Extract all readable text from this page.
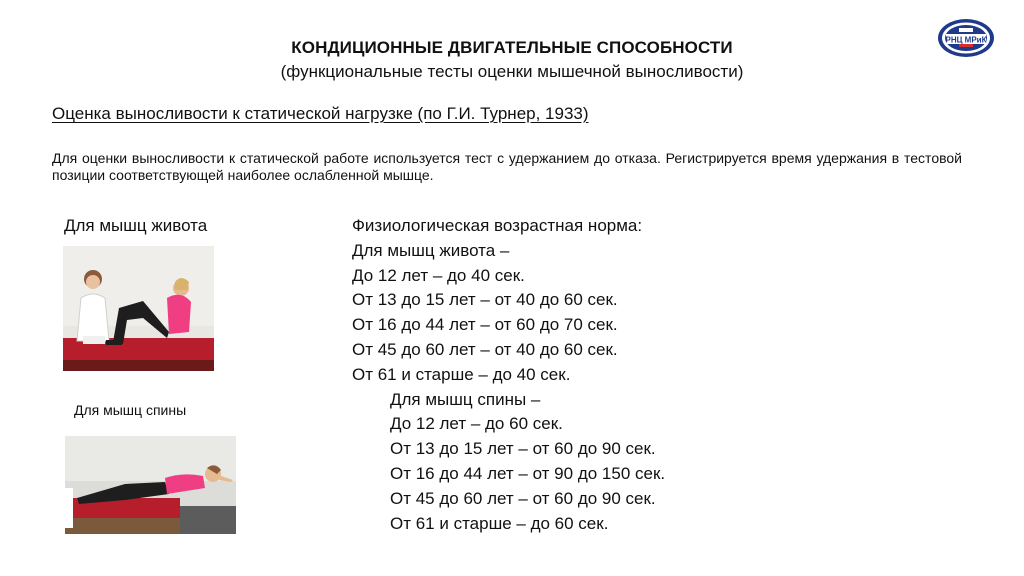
КОНДИЦИОННЫЕ ДВИГАТЕЛЬНЫЕ СПОСОБНОСТИ
(функциональные тесты оценки мышечной выносливости)
РНЦ МРиК
Оценка выносливости к статической нагрузке (по Г.И. Турнер, 1933)
Для оценки выносливости к статической работе используется тест с удержанием до отказа. Регистрируется время удержания в тестовой позиции соответствующей наиболее ослабленной мышце.
Для мышц живота
Для мышц спины
Физиологическая возрастная норма:
Для мышц живота –
До 12 лет – до 40 сек.
От 13 до 15 лет – от 40 до 60 сек.
От 16 до 44 лет – от 60 до 70 сек.
От 45 до 60 лет – от 40 до 60 сек.
От 61 и старше – до 40 сек.
Для мышц спины –
До 12 лет – до 60 сек.
От 13 до 15 лет – от 60 до 90 сек.
От 16 до 44 лет – от 90 до 150 сек.
От 45 до 60 лет – от 60 до 90 сек.
От 61 и старше – до 60 сек.
